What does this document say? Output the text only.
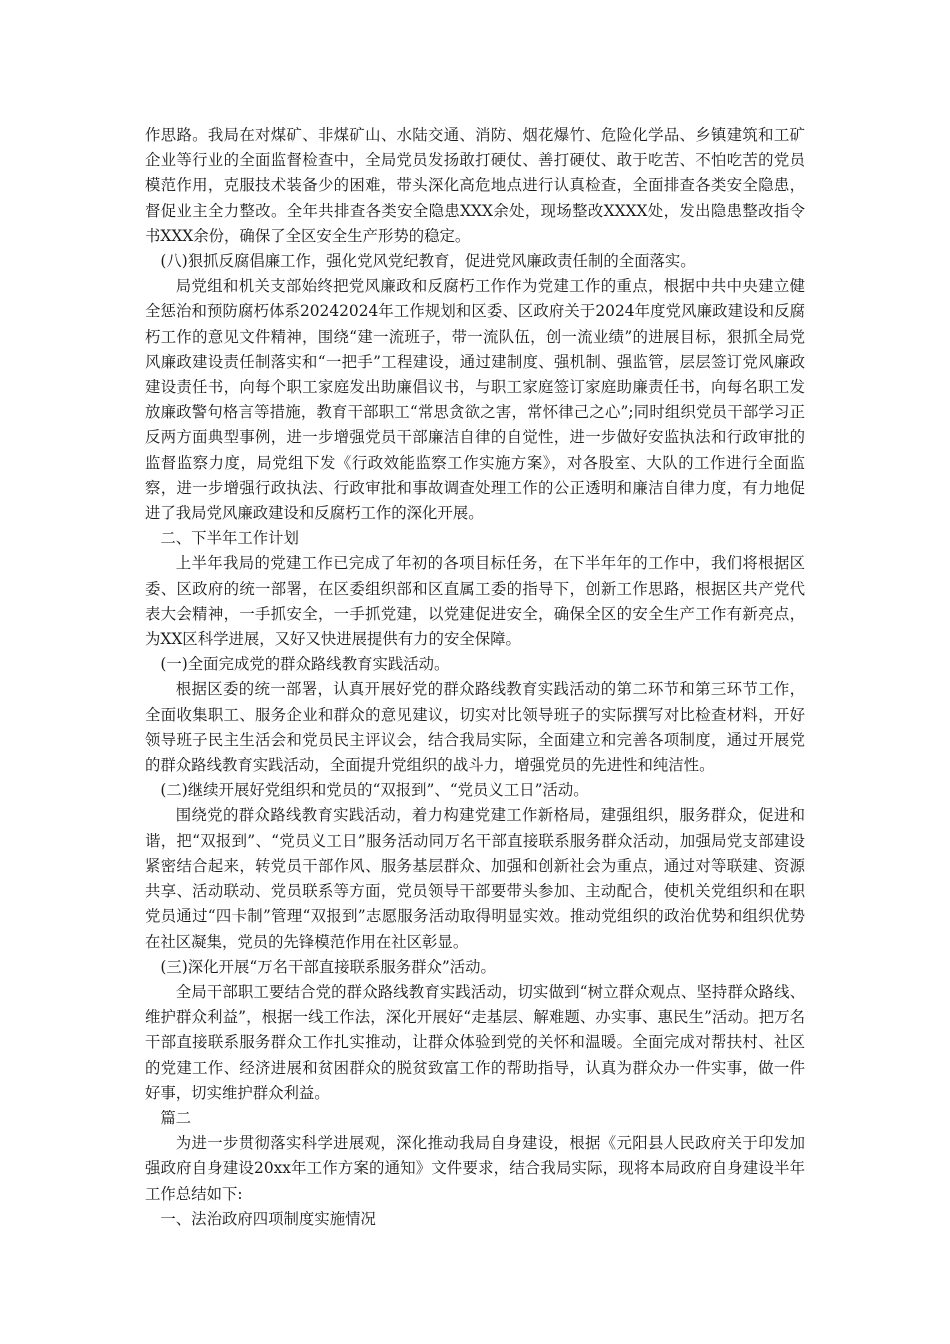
作思路。我局在对煤矿、非煤矿山、水陆交通、消防、烟花爆竹、危险化学品、乡镇建筑和工矿企业等行业的全面监督检查中，全局党员发扬敢打硬仗、善打硬仗、敢于吃苦、不怕吃苦的党员模范作用，克服技术装备少的困难，带头深化高危地点进行认真检查，全面排查各类安全隐患，督促业主全力整改。全年共排查各类安全隐患XXX余处，现场整改XXXX处，发出隐患整改指令书XXX余份，确保了全区安全生产形势的稳定。

(八)狠抓反腐倡廉工作，强化党风党纪教育，促进党风廉政责任制的全面落实。

局党组和机关支部始终把党风廉政和反腐朽工作作为党建工作的重点，根据中共中央建立健全惩治和预防腐朽体系20242024年工作规划和区委、区政府关于2024年度党风廉政建设和反腐朽工作的意见文件精神，围绕“建一流班子，带一流队伍，创一流业绩”的进展目标，狠抓全局党风廉政建设责任制落实和“一把手”工程建设，通过建制度、强机制、强监管，层层签订党风廉政建设责任书，向每个职工家庭发出助廉倡议书，与职工家庭签订家庭助廉责任书，向每名职工发放廉政警句格言等措施，教育干部职工“常思贪欲之害，常怀律己之心”;同时组织党员干部学习正反两方面典型事例，进一步增强党员干部廉洁自律的自觉性，进一步做好安监执法和行政审批的监督监察力度，局党组下发《行政效能监察工作实施方案》，对各股室、大队的工作进行全面监察，进一步增强行政执法、行政审批和事故调查处理工作的公正透明和廉洁自律力度，有力地促进了我局党风廉政建设和反腐朽工作的深化开展。

二、下半年工作计划

上半年我局的党建工作已完成了年初的各项目标任务，在下半年年的工作中，我们将根据区委、区政府的统一部署，在区委组织部和区直属工委的指导下，创新工作思路，根据区共产党代表大会精神，一手抓安全，一手抓党建，以党建促进安全，确保全区的安全生产工作有新亮点，为XX区科学进展，又好又快进展提供有力的安全保障。

(一)全面完成党的群众路线教育实践活动。

根据区委的统一部署，认真开展好党的群众路线教育实践活动的第二环节和第三环节工作，全面收集职工、服务企业和群众的意见建议，切实对比领导班子的实际撰写对比检查材料，开好领导班子民主生活会和党员民主评议会，结合我局实际，全面建立和完善各项制度，通过开展党的群众路线教育实践活动，全面提升党组织的战斗力，增强党员的先进性和纯洁性。

(二)继续开展好党组织和党员的“双报到”、“党员义工日”活动。

围绕党的群众路线教育实践活动，着力构建党建工作新格局，建强组织，服务群众，促进和谐，把“双报到”、“党员义工日”服务活动同万名干部直接联系服务群众活动，加强局党支部建设紧密结合起来，转党员干部作风、服务基层群众、加强和创新社会为重点，通过对等联建、资源共享、活动联动、党员联系等方面，党员领导干部要带头参加、主动配合，使机关党组织和在职党员通过“四卡制”管理“双报到”志愿服务活动取得明显实效。推动党组织的政治优势和组织优势在社区凝集，党员的先锋模范作用在社区彰显。

(三)深化开展“万名干部直接联系服务群众”活动。

全局干部职工要结合党的群众路线教育实践活动，切实做到“树立群众观点、坚持群众路线、维护群众利益”，根据一线工作法，深化开展好“走基层、解难题、办实事、惠民生”活动。把万名干部直接联系服务群众工作扎实推动，让群众体验到党的关怀和温暖。全面完成对帮扶村、社区的党建工作、经济进展和贫困群众的脱贫致富工作的帮助指导，认真为群众办一件实事，做一件好事，切实维护群众利益。

篇二

为进一步贯彻落实科学进展观，深化推动我局自身建设，根据《元阳县人民政府关于印发加强政府自身建设20xx年工作方案的通知》文件要求，结合我局实际，现将本局政府自身建设半年工作总结如下:

一、法治政府四项制度实施情况
